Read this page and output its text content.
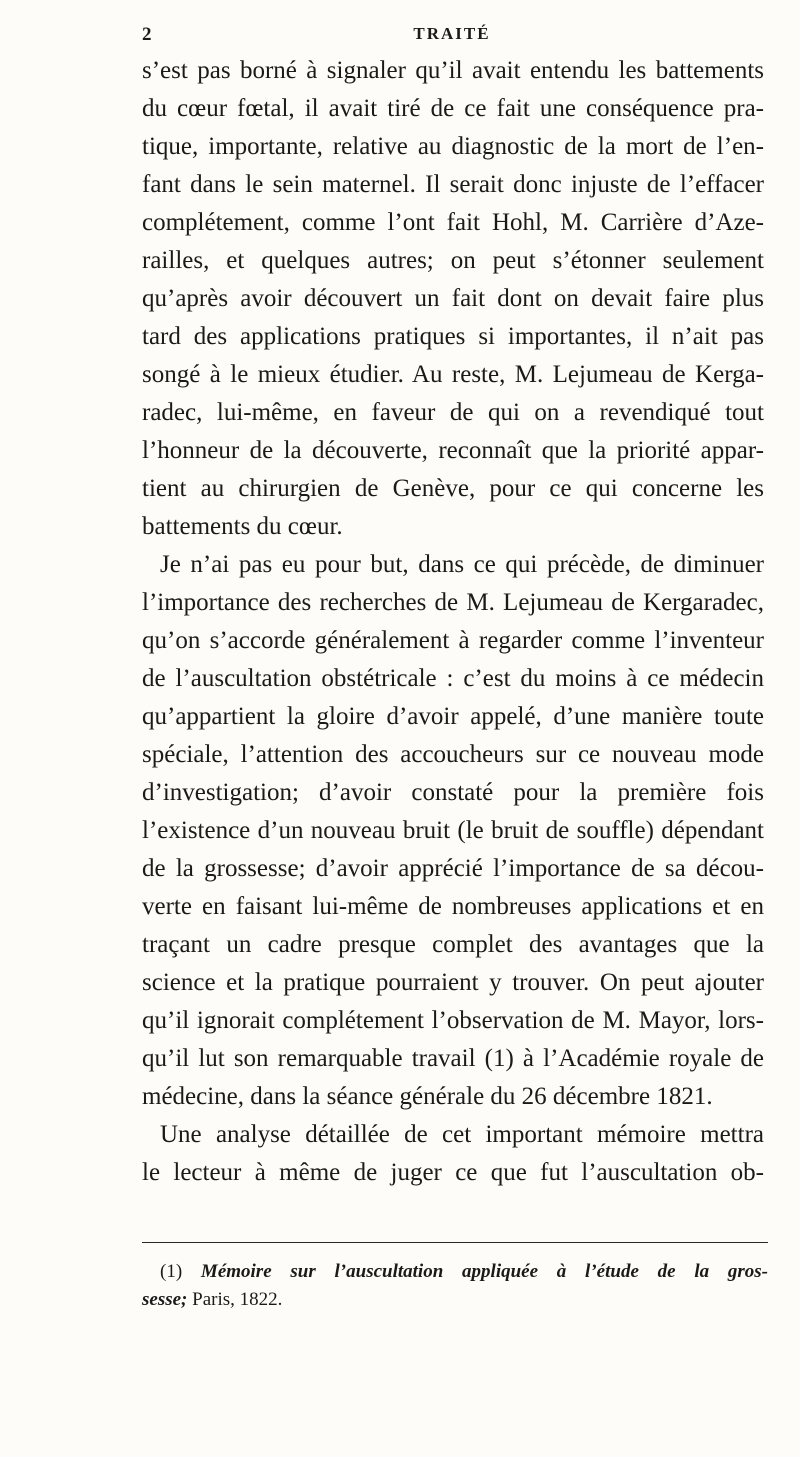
2	TRAITÉ
s’est pas borné à signaler qu’il avait entendu les battements
du cœur fœtal, il avait tiré de ce fait une conséquence pra-
tique, importante, relative au diagnostic de la mort de l’en-
fant dans le sein maternel. Il serait donc injuste de l’effacer
complétement, comme l’ont fait Hohl, M. Carrière d’Aze-
railles, et quelques autres; on peut s’étonner seulement
qu’après avoir découvert un fait dont on devait faire plus
tard des applications pratiques si importantes, il n’ait pas
songé à le mieux étudier. Au reste, M. Lejumeau de Kerga-
radec, lui-même, en faveur de qui on a revendiqué tout
l’honneur de la découverte, reconnaît que la priorité appar-
tient au chirurgien de Genève, pour ce qui concerne les
battements du cœur.
Je n’ai pas eu pour but, dans ce qui précède, de diminuer
l’importance des recherches de M. Lejumeau de Kergaradec,
qu’on s’accorde généralement à regarder comme l’inventeur
de l’auscultation obstétricale : c’est du moins à ce médecin
qu’appartient la gloire d’avoir appelé, d’une manière toute
spéciale, l’attention des accoucheurs sur ce nouveau mode
d’investigation; d’avoir constaté pour la première fois
l’existence d’un nouveau bruit (le bruit de souffle) dépendant
de la grossesse; d’avoir apprécié l’importance de sa décou-
verte en faisant lui-même de nombreuses applications et en
traçant un cadre presque complet des avantages que la
science et la pratique pourraient y trouver. On peut ajouter
qu’il ignorait complétement l’observation de M. Mayor, lors-
qu’il lut son remarquable travail (1) à l’Académie royale de
médecine, dans la séance générale du 26 décembre 1821.
Une analyse détaillée de cet important mémoire mettra
le lecteur à même de juger ce que fut l’auscultation ob-
(1) Mémoire sur l’auscultation appliquée à l’étude de la gros-
sesse; Paris, 1822.
